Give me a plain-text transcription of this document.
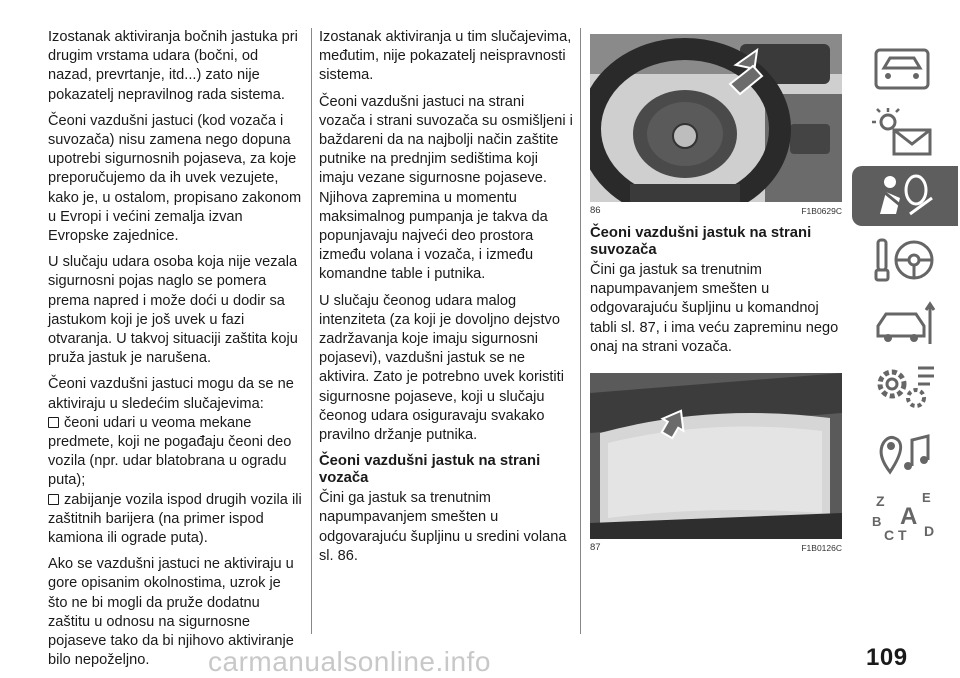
Izostanak aktiviranja bočnih jastuka pri drugim vrstama udara (bočni, od nazad, prevrtanje, itd...) zato nije pokazatelj nepravilnog rada sistema.

Čeoni vazdušni jastuci (kod vozača i suvozača) nisu zamena nego dopuna upotrebi sigurnosnih pojaseva, za koje preporučujemo da ih uvek vezujete, kako je, u ostalom, propisano zakonom u Evropi i većini zemalja izvan Evropske zajednice.

U slučaju udara osoba koja nije vezala sigurnosni pojas naglo se pomera prema napred i može doći u dodir sa jastukom koji je još uvek u fazi otvaranja. U takvoj situaciji zaštita koju pruža jastuk je narušena.

Čeoni vazdušni jastuci mogu da se ne aktiviraju u sledećim slučajevima:

čeoni udari u veoma mekane predmete, koji ne pogađaju čeoni deo vozila (npr. udar blatobrana u ogradu puta);

zabijanje vozila ispod drugih vozila ili zaštitnih barijera (na primer ispod kamiona ili ograde puta).

Ako se vazdušni jastuci ne aktiviraju u gore opisanim okolnostima, uzrok je što ne bi mogli da pruže dodatnu zaštitu u odnosu na sigurnosne pojaseve tako da bi njihovo aktiviranje bilo nepoželjno.

Izostanak aktiviranja u tim slučajevima, međutim, nije pokazatelj neispravnosti sistema.

Čeoni vazdušni jastuci na strani vozača i strani suvozača su osmišljeni i baždareni da na najbolji način zaštite putnike na prednjim sedištima koji imaju vezane sigurnosne pojaseve. Njihova zapremina u momentu maksimalnog pumpanja je takva da popunjavaju najveći deo prostora između volana i vozača, i između komandne table i putnika.

U slučaju čeonog udara malog intenziteta (za koji je dovoljno dejstvo zadržavanja koje imaju sigurnosni pojasevi), vazdušni jastuk se ne aktivira. Zato je potrebno uvek koristiti sigurnosne pojaseve, koji u slučaju čeonog udara osiguravaju svakako pravilno držanje putnika.

Čeoni vazdušni jastuk na strani vozača

Čini ga jastuk sa trenutnim napumpavanjem smešten u odgovarajuću šupljinu u sredini volana sl. 86.

86	F1B0629C
Čeoni vazdušni jastuk na strani suvozača

Čini ga jastuk sa trenutnim napumpavanjem smešten u odgovarajuću šupljinu u komandnoj tabli sl. 87, i ima veću zapreminu nego onaj na strani vozača.

87	F1B0126C
Z	E
B A
C T D
carmanualsonline.info	109
